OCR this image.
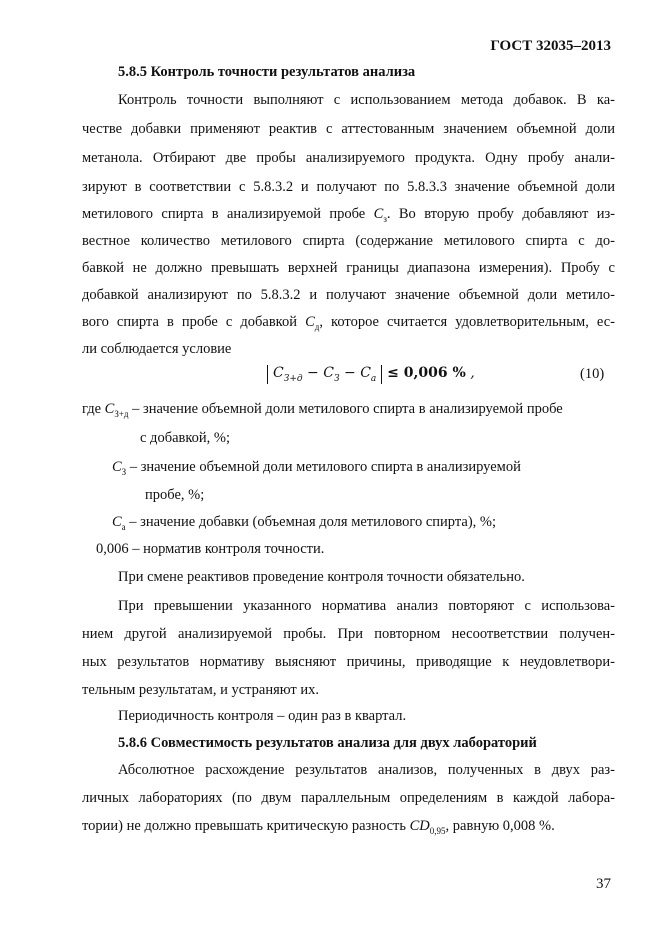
ГОСТ 32035–2013
5.8.5 Контроль точности результатов анализа
Контроль точности выполняют с использованием метода добавок. В ка-
честве добавки применяют реактив с аттестованным значением объемной доли
метанола. Отбирают две пробы анализируемого продукта. Одну пробу анали-
зируют в соответствии с 5.8.3.2 и получают по 5.8.3.3 значение объемной доли
метилового спирта в анализируемой пробе $С_з$. Во вторую пробу добавляют из-
вестное количество метилового спирта (содержание метилового спирта с до-
бавкой не должно превышать верхней границы диапазона измерения). Пробу с
добавкой анализируют по 5.8.3.2 и получают значение объемной доли метило-
вого спирта в пробе с добавкой $С_д$, которое считается удовлетворительным, ес-
ли соблюдается условие
$C_{З+д} - C_З - C_а \le 0,006$ % ,	(10)
где $С_{З+д}$ – значение объемной доли метилового спирта в анализируемой пробе
с добавкой, %;
$С_З$ – значение объемной доли метилового спирта в анализируемой
пробе, %;
$С_а$ – значение добавки (объемная доля метилового спирта), %;
0,006 – норматив контроля точности.
При смене реактивов проведение контроля точности обязательно.
При превышении указанного норматива анализ повторяют с использова-
нием другой анализируемой пробы. При повторном несоответствии получен-
ных результатов нормативу выясняют причины, приводящие к неудовлетвори-
тельным результатам, и устраняют их.
Периодичность контроля – один раз в квартал.
5.8.6 Совместимость результатов анализа для двух лабораторий
Абсолютное расхождение результатов анализов, полученных в двух раз-
личных лабораториях (по двум параллельным определениям в каждой лабора-
тории) не должно превышать критическую разность $CD_{0,95}$, равную 0,008 %.
37
